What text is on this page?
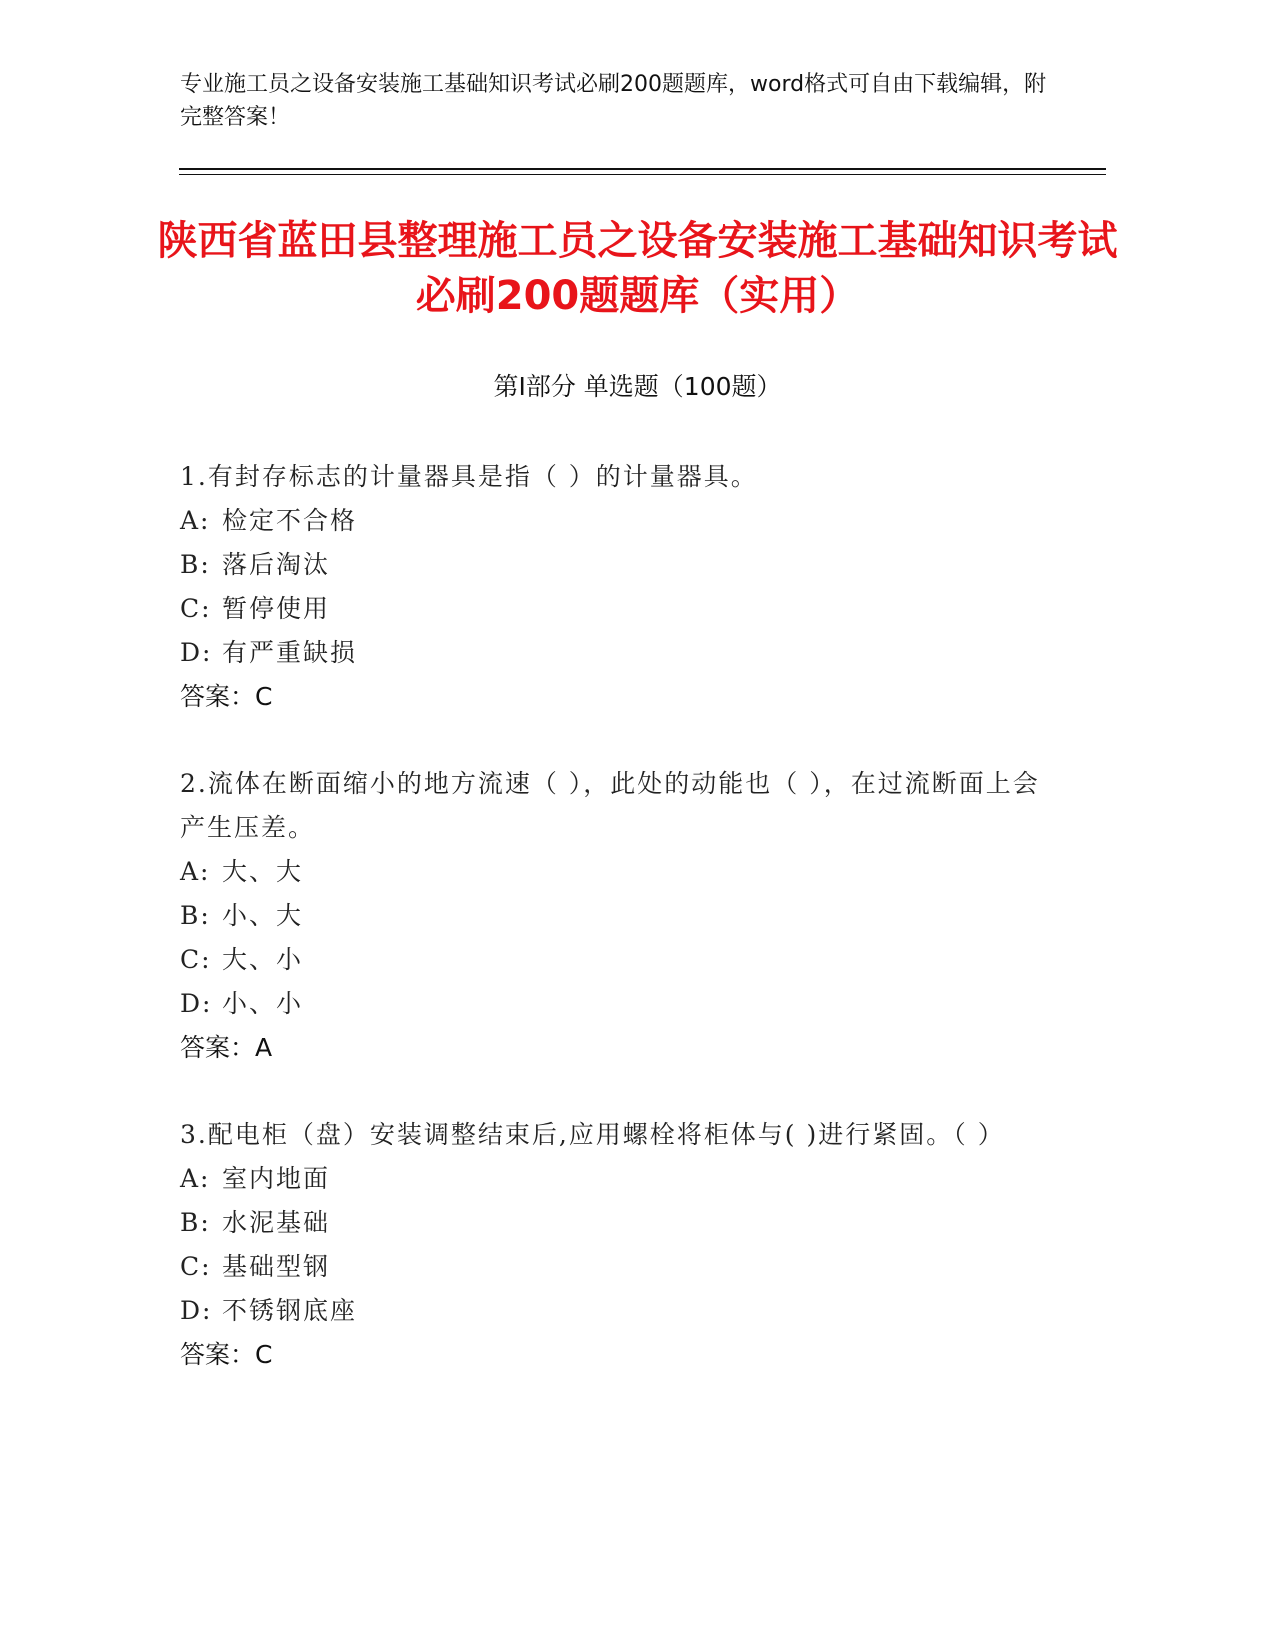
专业施工员之设备安装施工基础知识考试必刷200题题库，word格式可自由下载编辑，附完整答案！
陕西省蓝田县整理施工员之设备安装施工基础知识考试必刷200题题库（实用）
第Ⅰ部分 单选题（100题）
1.有封存标志的计量器具是指（ ）的计量器具。
A: 检定不合格
B: 落后淘汰
C: 暂停使用
D: 有严重缺损
答案：C
2.流体在断面缩小的地方流速（ ），此处的动能也（ ），在过流断面上会产生压差。
A: 大、大
B: 小、大
C: 大、小
D: 小、小
答案：A
3.配电柜（盘）安装调整结束后,应用螺栓将柜体与( )进行紧固。（ ）
A: 室内地面
B: 水泥基础
C: 基础型钢
D: 不锈钢底座
答案：C
